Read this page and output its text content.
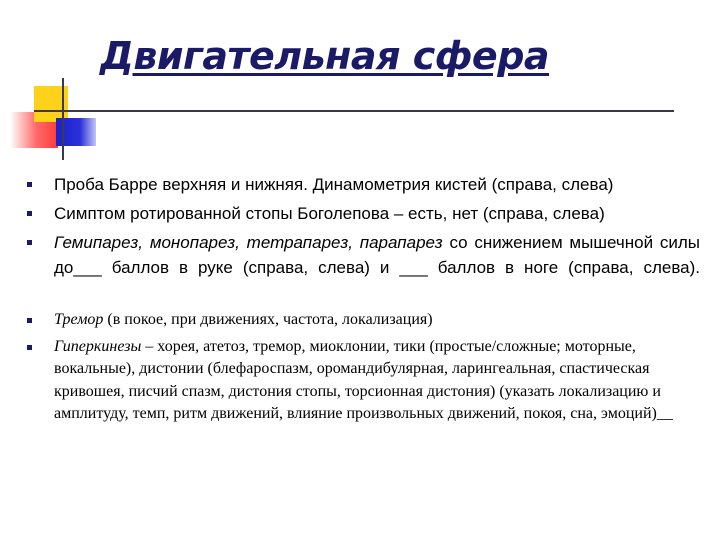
Двигательная сфера
Проба Барре верхняя и нижняя. Динамометрия кистей (справа, слева)
Симптом ротированной стопы Боголепова – есть, нет (справа, слева)
Гемипарез, монопарез, тетрапарез, парапарез со снижением мышечной силы до___ баллов в руке (справа, слева) и ___ баллов в ноге (справа, слева).
Тремор (в покое, при движениях, частота, локализация)
Гиперкинезы – хорея, атетоз, тремор, миоклонии, тики (простые/сложные; моторные, вокальные), дистонии (блефароспазм, оромандибулярная, ларингеальная, спастическая кривошея, писчий спазм, дистония стопы, торсионная дистония) (указать локализацию и амплитуду, темп, ритм движений, влияние произвольных движений, покоя, сна, эмоций)__
